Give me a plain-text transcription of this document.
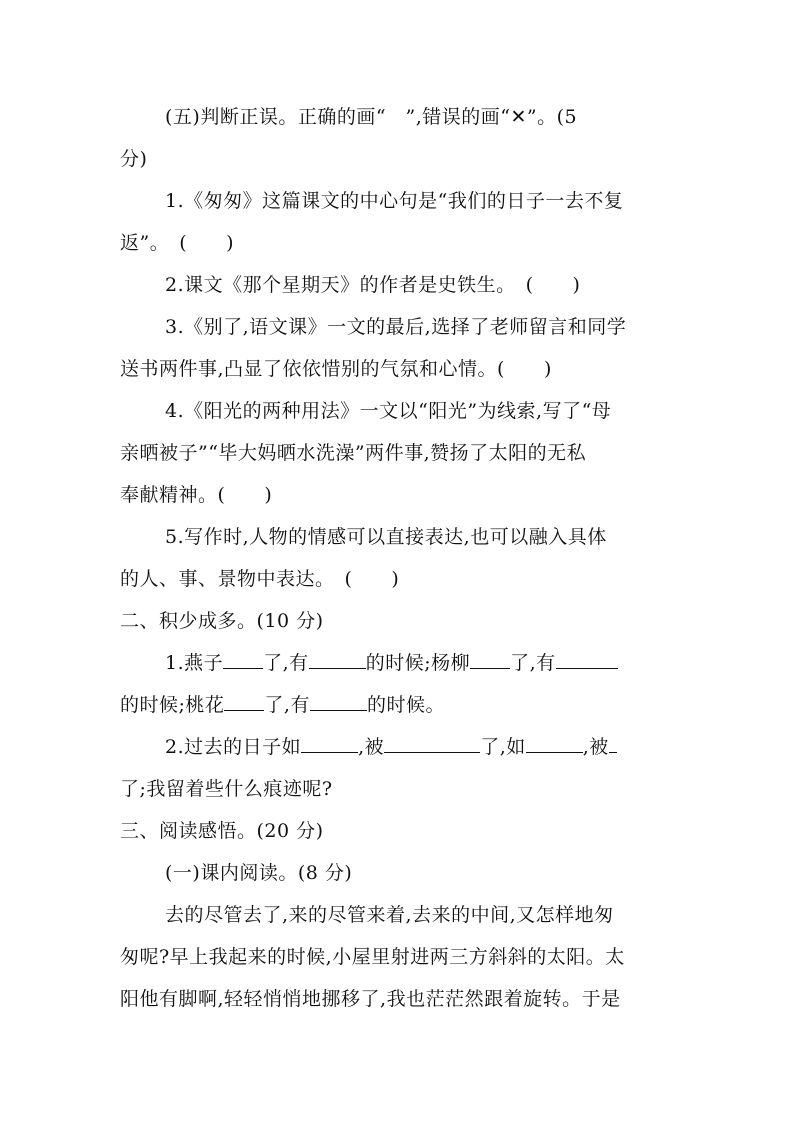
(五)判断正误。正确的画“　”,错误的画“✕”。(5
分)
1.《匆匆》这篇课文的中心句是“我们的日子一去不复
返”。　(　　)
2.课文《那个星期天》的作者是史铁生。　(　　)
3.《别了,语文课》一文的最后,选择了老师留言和同学
送书两件事,凸显了依依惜别的气氛和心情。(　　)
4.《阳光的两种用法》一文以“阳光”为线索,写了“母
亲晒被子”“毕大妈晒水洗澡”两件事,赞扬了太阳的无私
奉献精神。(　　)
5.写作时,人物的情感可以直接表达,也可以融入具体
的人、事、景物中表达。　(　　)
二、积少成多。(10 分)
1.燕子 了,有	的时候;杨柳 了,有
的时候;桃花 了,有	的时候。
2.过去的日子如	,被	了,如	,被
了;我留着些什么痕迹呢?
三、阅读感悟。(20 分)
(一)课内阅读。(8 分)
去的尽管去了,来的尽管来着,去来的中间,又怎样地匆
匆呢?早上我起来的时候,小屋里射进两三方斜斜的太阳。太
阳他有脚啊,轻轻悄悄地挪移了,我也茫茫然跟着旋转。于是
